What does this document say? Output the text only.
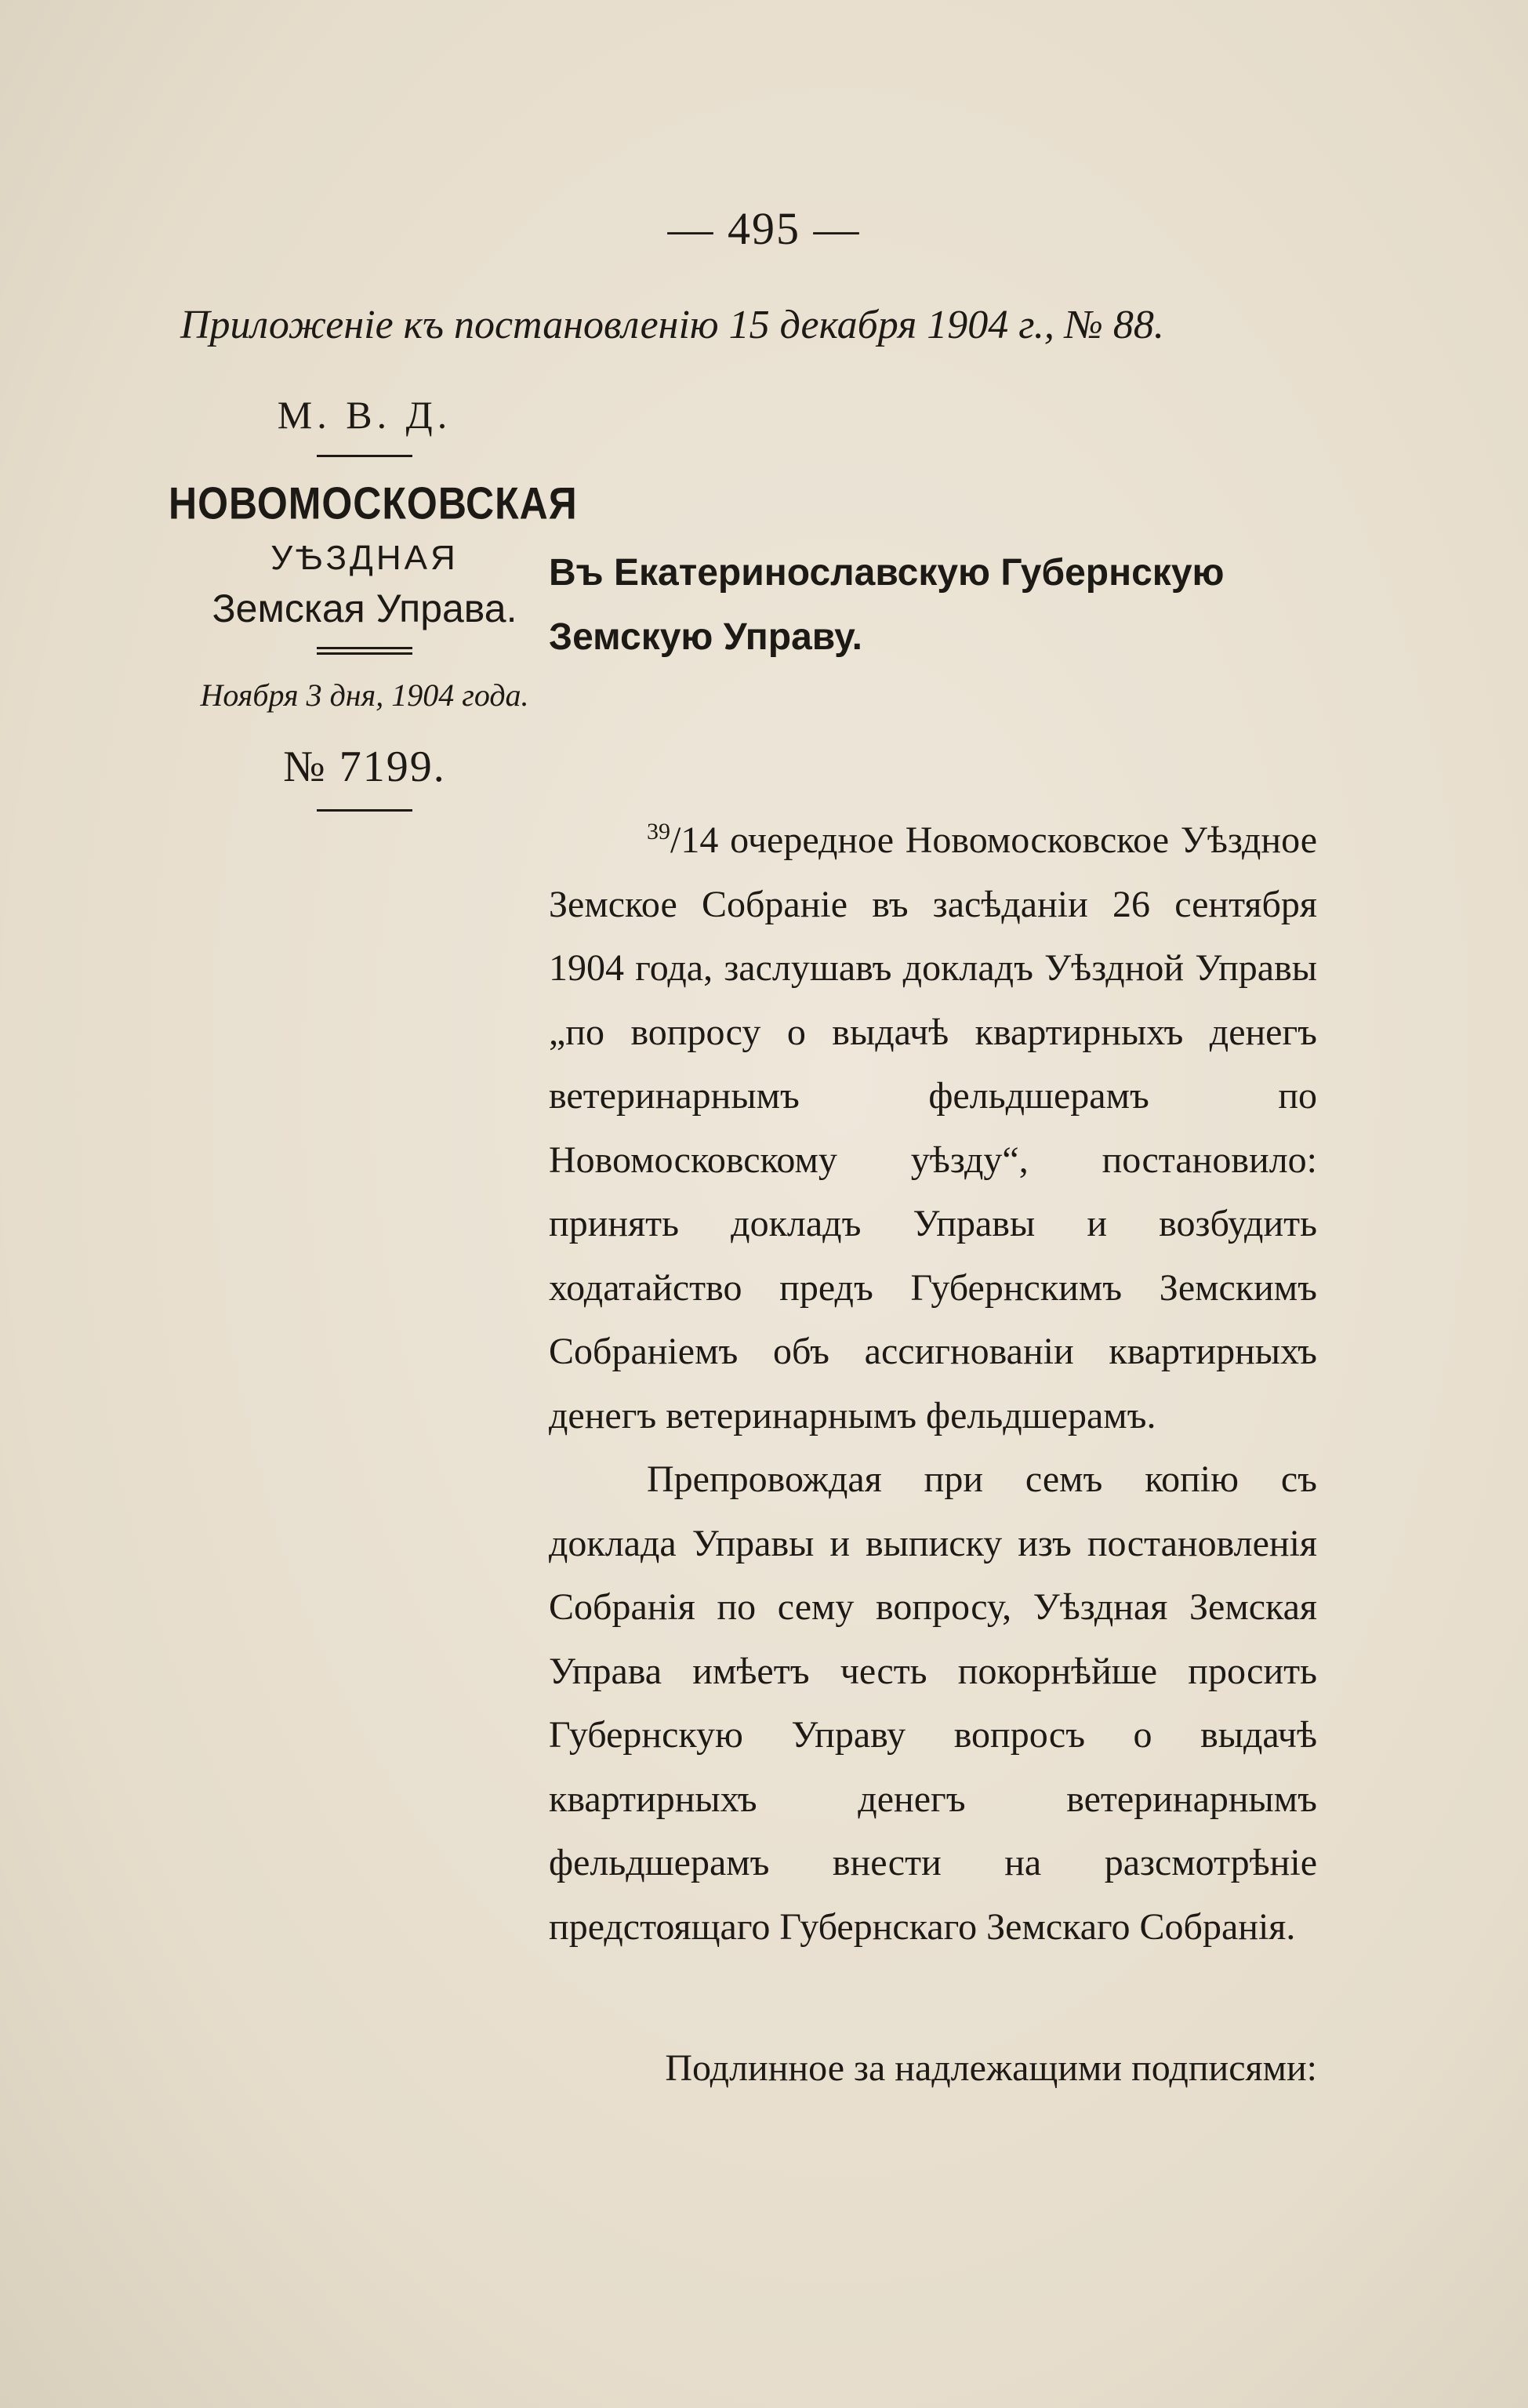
— 495 —
Приложеніе къ постановленію 15 декабря 1904 г., № 88.
М. В. Д.
НОВОМОСКОВСКАЯ
УѢЗДНАЯ
Земская Управа.
Ноября 3 дня, 1904 года.
№ 7199.
Въ Екатеринославскую Губернскую Земскую Управу.

$^{39}$/14 очередное Новомосковское Уѣздное Земское Собраніе въ засѣданіи 26 сентября 1904 года, заслушавъ докладъ Уѣздной Управы „по вопросу о выдачѣ квартирныхъ денегъ ветеринарнымъ фельдшерамъ по Новомосковскому уѣзду“, постановило: принять докладъ Управы и возбудить ходатайство предъ Губернскимъ Земскимъ Собраніемъ объ ассигнованіи квартирныхъ денегъ ветеринарнымъ фельдшерамъ.

Препровождая при семъ копію съ доклада Управы и выписку изъ постановленія Собранія по сему вопросу, Уѣздная Земская Управа имѣетъ честь покорнѣйше просить Губернскую Управу вопросъ о выдачѣ квартирныхъ денегъ ветеринарнымъ фельдшерамъ внести на разсмотрѣніе предстоящаго Губернскаго Земскаго Собранія.

Подлинное за надлежащими подписями:
